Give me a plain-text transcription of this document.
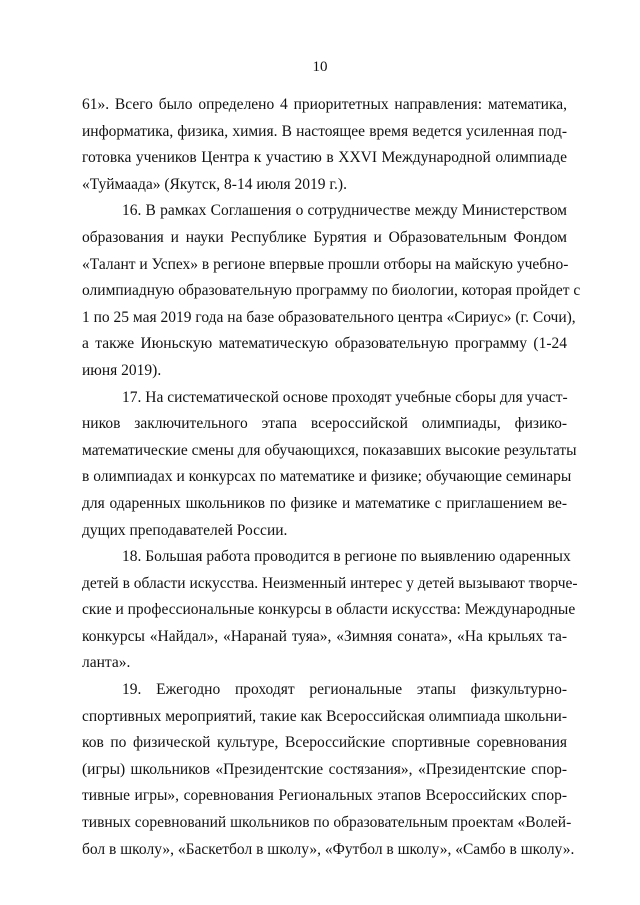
10
61». Всего было определено 4 приоритетных направления: математика,
информатика, физика, химия. В настоящее время ведется усиленная под-
готовка учеников Центра к участию в XXVI Международной олимпиаде
«Туймаада» (Якутск, 8-14 июля 2019 г.).
16. В рамках Соглашения о сотрудничестве между Министерством
образования и науки Республике Бурятия и Образовательным Фондом
«Талант и Успех» в регионе впервые прошли отборы на майскую учебно-
олимпиадную образовательную программу по биологии, которая пройдет с
1 по 25 мая 2019 года на базе образовательного центра «Сириус» (г. Сочи),
а также Июньскую математическую образовательную программу (1-24
июня 2019).
17. На систематической основе проходят учебные сборы для участ-
ников заключительного этапа всероссийской олимпиады, физико-
математические смены для обучающихся, показавших высокие результаты
в олимпиадах и конкурсах по математике и физике; обучающие семинары
для одаренных школьников по физике и математике с приглашением ве-
дущих преподавателей России.
18. Большая работа проводится в регионе по выявлению одаренных
детей в области искусства. Неизменный интерес у детей вызывают творче-
ские и профессиональные конкурсы в области искусства: Международные
конкурсы «Найдал», «Наранай туяа», «Зимняя соната», «На крыльях та-
ланта».
19. Ежегодно проходят региональные этапы физкультурно-
спортивных мероприятий, такие как Всероссийская олимпиада школьни-
ков по физической культуре, Всероссийские спортивные соревнования
(игры) школьников «Президентские состязания», «Президентские спор-
тивные игры», соревнования Региональных этапов Всероссийских спор-
тивных соревнований школьников по образовательным проектам «Волей-
бол в школу», «Баскетбол в школу», «Футбол в школу», «Самбо в школу».
